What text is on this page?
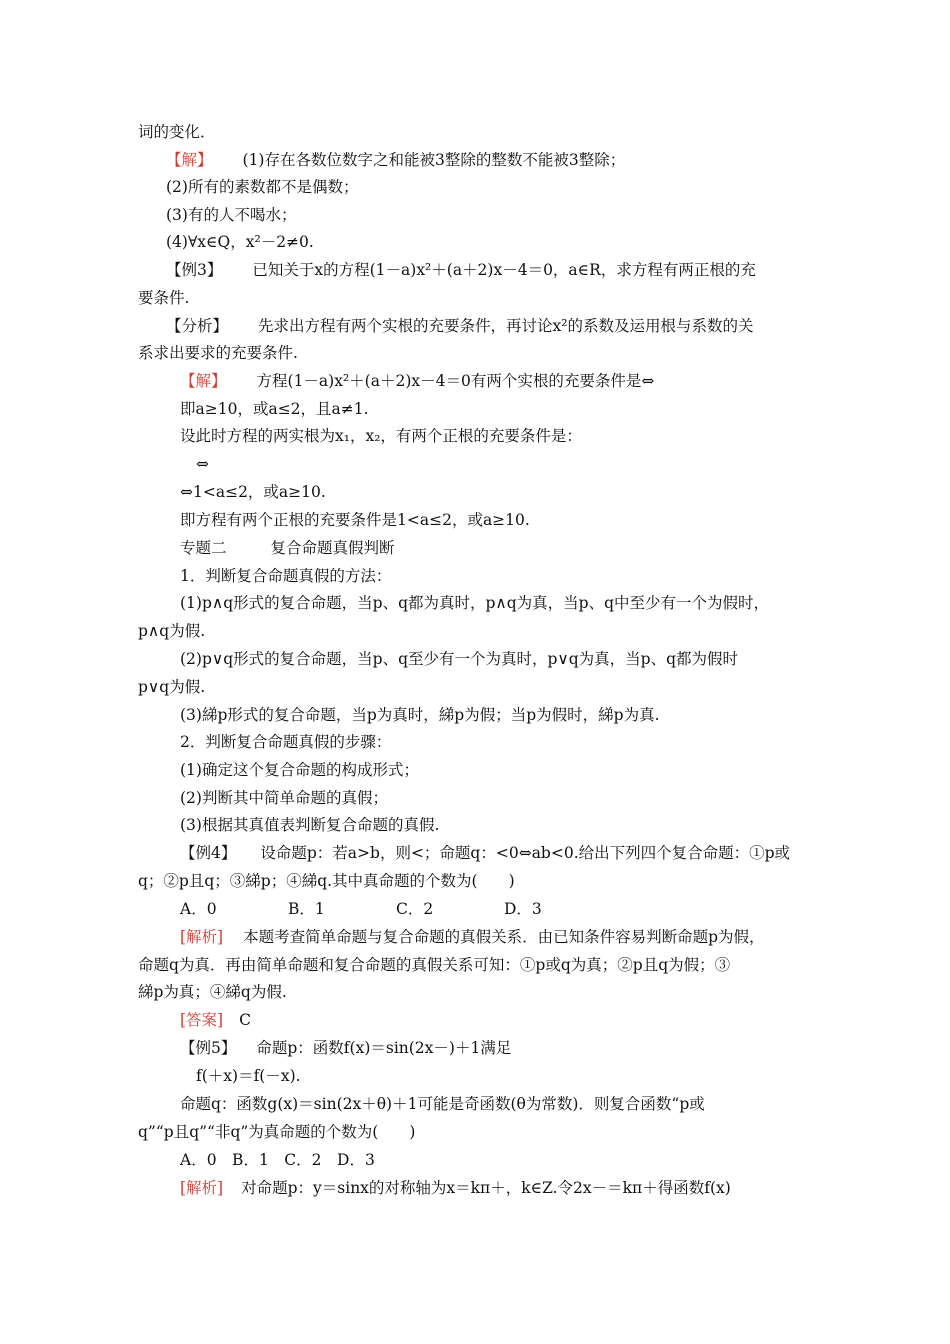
词的变化．
【解】 (1)存在各数位数字之和能被3整除的整数不能被3整除；
(2)所有的素数都不是偶数；
(3)有的人不喝水；
(4)∀x∈Q，x²－2≠0.
【例3】 已知关于x的方程(1－a)x²＋(a＋2)x－4＝0，a∈R，求方程有两正根的充
要条件.
【分析】 先求出方程有两个实根的充要条件，再讨论x²的系数及运用根与系数的关
系求出要求的充要条件.
【解】 方程(1－a)x²＋(a＋2)x－4＝0有两个实根的充要条件是⇔
即a≥10，或a≤2，且a≠1.
设此时方程的两实根为x₁，x₂，有两个正根的充要条件是：
⇔
⇔1<a≤2，或a≥10.
即方程有两个正根的充要条件是1<a≤2，或a≥10.
专题二	复合命题真假判断
1．判断复合命题真假的方法：
(1)p∧q形式的复合命题，当p、q都为真时，p∧q为真，当p、q中至少有一个为假时，
p∧q为假.
(2)p∨q形式的复合命题，当p、q至少有一个为真时，p∨q为真，当p、q都为假时
p∨q为假.
(3)綈p形式的复合命题，当p为真时，綈p为假；当p为假时，綈p为真.
2．判断复合命题真假的步骤：
(1)确定这个复合命题的构成形式；
(2)判断其中简单命题的真假；
(3)根据其真值表判断复合命题的真假.
【例4】 设命题p：若a>b，则<；命题q：<0⇔ab<0.给出下列四个复合命题：①p或
q；②p且q；③綈p；④綈q.其中真命题的个数为(　　)
A．0	B．1	C．2	D．3
[解析] 本题考查简单命题与复合命题的真假关系．由已知条件容易判断命题p为假，
命题q为真．再由简单命题和复合命题的真假关系可知：①p或q为真；②p且q为假；③
綈p为真；④綈q为假.
[答案] C
【例5】 命题p：函数f(x)＝sin(2x－)＋1满足
f(＋x)＝f(－x).
命题q：函数g(x)＝sin(2x＋θ)＋1可能是奇函数(θ为常数)．则复合函数“p或
q”“p且q”“非q”为真命题的个数为(　　)
A．0　B．1　C．2　D．3
[解析] 对命题p：y＝sinx的对称轴为x＝kπ＋，k∈Z.令2x－＝kπ＋得函数f(x)
